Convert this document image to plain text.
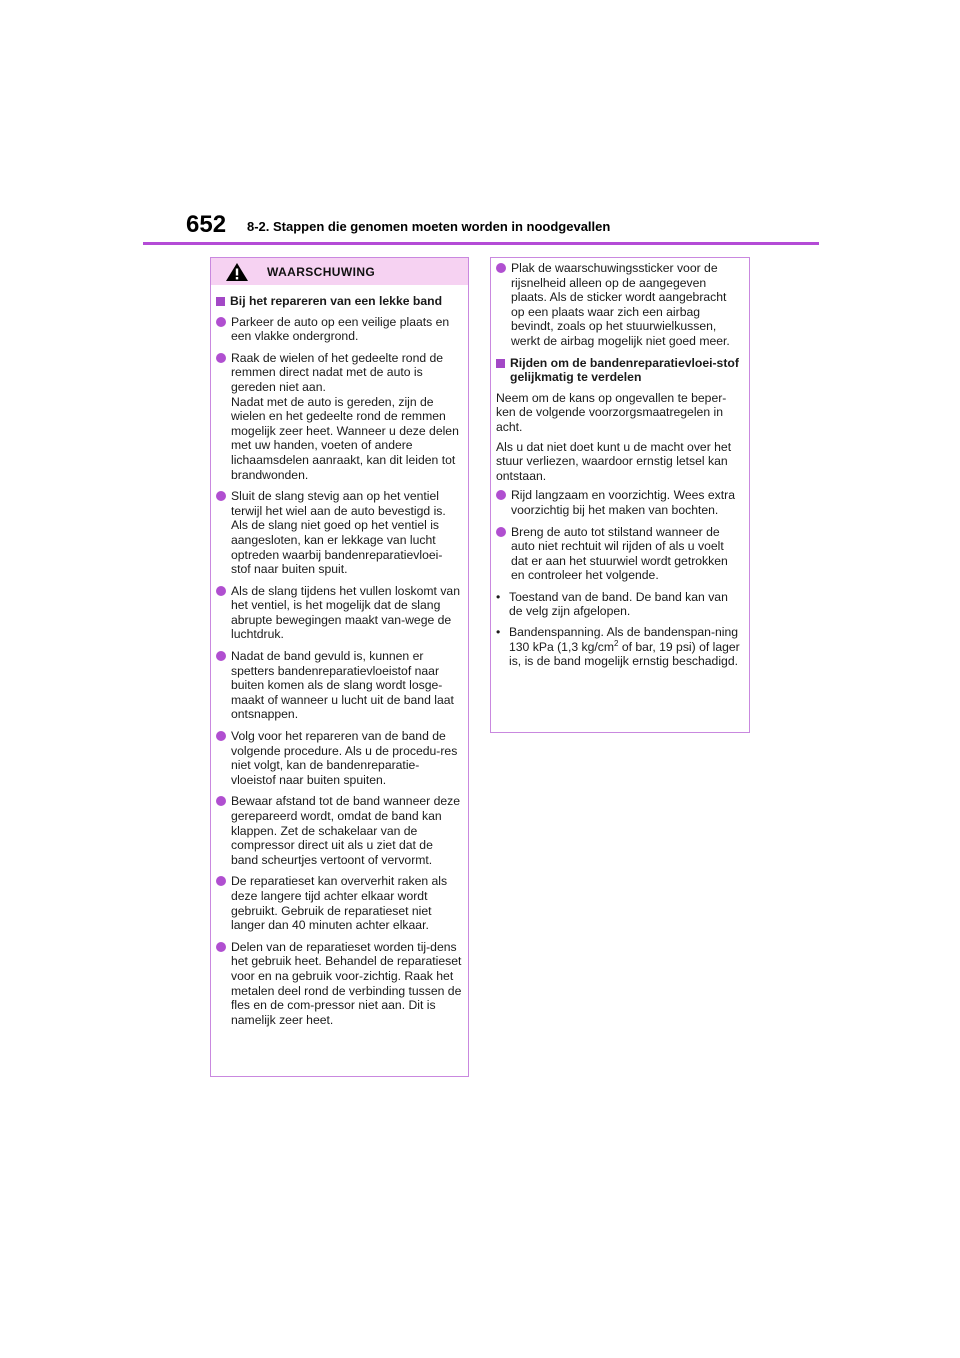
652 8-2. Stappen die genomen moeten worden in noodgevallen
WAARSCHUWING
Bij het repareren van een lekke band
Parkeer de auto op een veilige plaats en een vlakke ondergrond.
Raak de wielen of het gedeelte rond de remmen direct nadat met de auto is gereden niet aan.
Nadat met de auto is gereden, zijn de wielen en het gedeelte rond de remmen mogelijk zeer heet. Wanneer u deze delen met uw handen, voeten of andere lichaamsdelen aanraakt, kan dit leiden tot brandwonden.
Sluit de slang stevig aan op het ventiel terwijl het wiel aan de auto bevestigd is. Als de slang niet goed op het ventiel is aangesloten, kan er lekkage van lucht optreden waarbij bandenreparatievloei-stof naar buiten spuit.
Als de slang tijdens het vullen loskomt van het ventiel, is het mogelijk dat de slang abrupte bewegingen maakt van-wege de luchtdruk.
Nadat de band gevuld is, kunnen er spetters bandenreparatievloeistof naar buiten komen als de slang wordt losge-maakt of wanneer u lucht uit de band laat ontsnappen.
Volg voor het repareren van de band de volgende procedure. Als u de procedu-res niet volgt, kan de bandenreparatie-vloeistof naar buiten spuiten.
Bewaar afstand tot de band wanneer deze gerepareerd wordt, omdat de band kan klappen. Zet de schakelaar van de compressor direct uit als u ziet dat de band scheurtjes vertoont of vervormt.
De reparatieset kan oververhit raken als deze langere tijd achter elkaar wordt gebruikt. Gebruik de reparatieset niet langer dan 40 minuten achter elkaar.
Delen van de reparatieset worden tij-dens het gebruik heet. Behandel de reparatieset voor en na gebruik voor-zichtig. Raak het metalen deel rond de verbinding tussen de fles en de com-pressor niet aan. Dit is namelijk zeer heet.
Plak de waarschuwingssticker voor de rijsnelheid alleen op de aangegeven plaats. Als de sticker wordt aangebracht op een plaats waar zich een airbag bevindt, zoals op het stuurwielkussen, werkt de airbag mogelijk niet goed meer.
Rijden om de bandenreparatievloei-stof gelijkmatig te verdelen

Neem om de kans op ongevallen te beper-ken de volgende voorzorgsmaatregelen in acht.

Als u dat niet doet kunt u de macht over het stuur verliezen, waardoor ernstig letsel kan ontstaan.

Rijd langzaam en voorzichtig. Wees extra voorzichtig bij het maken van bochten.
Breng de auto tot stilstand wanneer de auto niet rechtuit wil rijden of als u voelt dat er aan het stuurwiel wordt getrokken en controleer het volgende.
• Toestand van de band. De band kan van de velg zijn afgelopen.
• Bandenspanning. Als de bandenspan-ning 130 kPa (1,3 $kg/cm^2$ of bar, 19 psi) of lager is, is de band mogelijk ernstig beschadigd.
